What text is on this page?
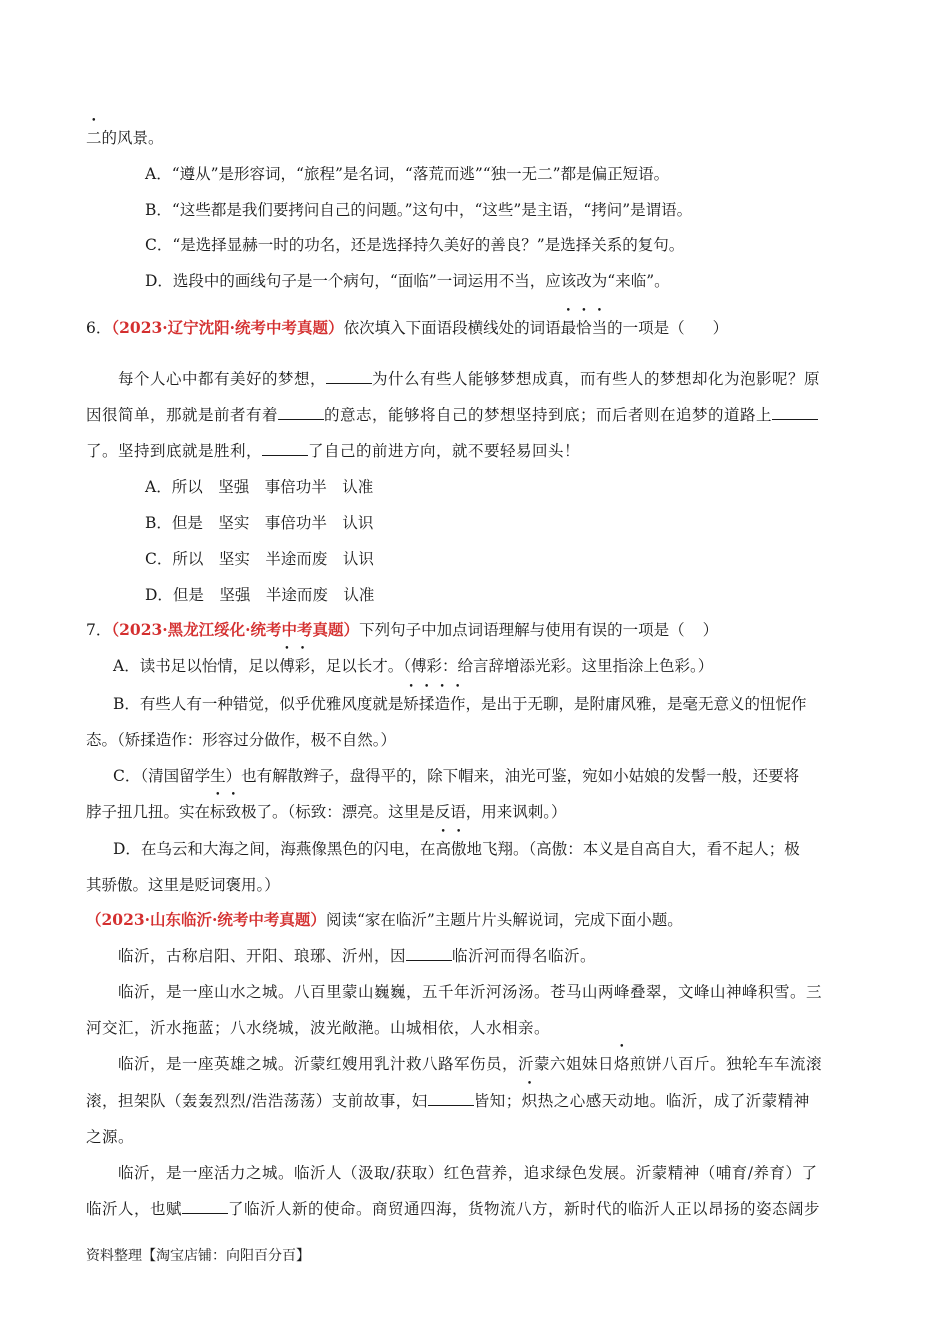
二的风景。
A．“遵从”是形容词，“旅程”是名词，“落荒而逃”“独一无二”都是偏正短语。
B．“这些都是我们要拷问自己的问题。”这句中，“这些”是主语，“拷问”是谓语。
C．“是选择显赫一时的功名，还是选择持久美好的善良？”是选择关系的复句。
D．选段中的画线句子是一个病句，“面临”一词运用不当，应该改为“来临”。
6．（2023·辽宁沈阳·统考中考真题）依次填入下面语段横线处的词语最恰当的一项是（ ）
每个人心中都有美好的梦想，	为什么有些人能够梦想成真，而有些人的梦想却化为泡影呢？原
因很简单，那就是前者有着	的意志，能够将自己的梦想坚持到底；而后者则在追梦的道路上
了。坚持到底就是胜利，	了自己的前进方向，就不要轻易回头！
A．所以　坚强　事倍功半　认准
B．但是　坚实　事倍功半　认识
C．所以　坚实　半途而废　认识
D．但是　坚强　半途而废　认准
7．（2023·黑龙江绥化·统考中考真题）下列句子中加点词语理解与使用有误的一项是（ ）
A．读书足以怡情，足以傅彩，足以长才。（傅彩：给言辞增添光彩。这里指涂上色彩。）
B．有些人有一种错觉，似乎优雅风度就是矫揉造作，是出于无聊，是附庸风雅，是毫无意义的忸怩作
态。（矫揉造作：形容过分做作，极不自然。）
C．（清国留学生）也有解散辫子，盘得平的，除下帽来，油光可鉴，宛如小姑娘的发髻一般，还要将
脖子扭几扭。实在标致极了。（标致：漂亮。这里是反语，用来讽刺。）
D．在乌云和大海之间，海燕像黑色的闪电，在高傲地飞翔。（高傲：本义是自高自大，看不起人；极
其骄傲。这里是贬词褒用。）
（2023·山东临沂·统考中考真题）阅读“家在临沂”主题片片头解说词，完成下面小题。
临沂，古称启阳、开阳、琅琊、沂州，因	临沂河而得名临沂。
临沂，是一座山水之城。八百里蒙山巍巍，五千年沂河汤汤。苍马山两峰叠翠，文峰山神峰积雪。三
河交汇，沂水拖蓝；八水绕城，波光敞滟。山城相依，人水相亲。
临沂，是一座英雄之城。沂蒙红嫂用乳汁救八路军伤员，沂蒙六姐妹日烙煎饼八百斤。独轮车车流滚
滚，担架队（轰轰烈烈/浩浩荡荡）支前故事，妇	皆知；炽热之心感天动地。临沂，成了沂蒙精神
之源。
临沂，是一座活力之城。临沂人（汲取/获取）红色营养，追求绿色发展。沂蒙精神（哺育/养育）了
临沂人，也赋	了临沂人新的使命。商贸通四海，货物流八方，新时代的临沂人正以昂扬的姿态阔步
资料整理【淘宝店铺：向阳百分百】
